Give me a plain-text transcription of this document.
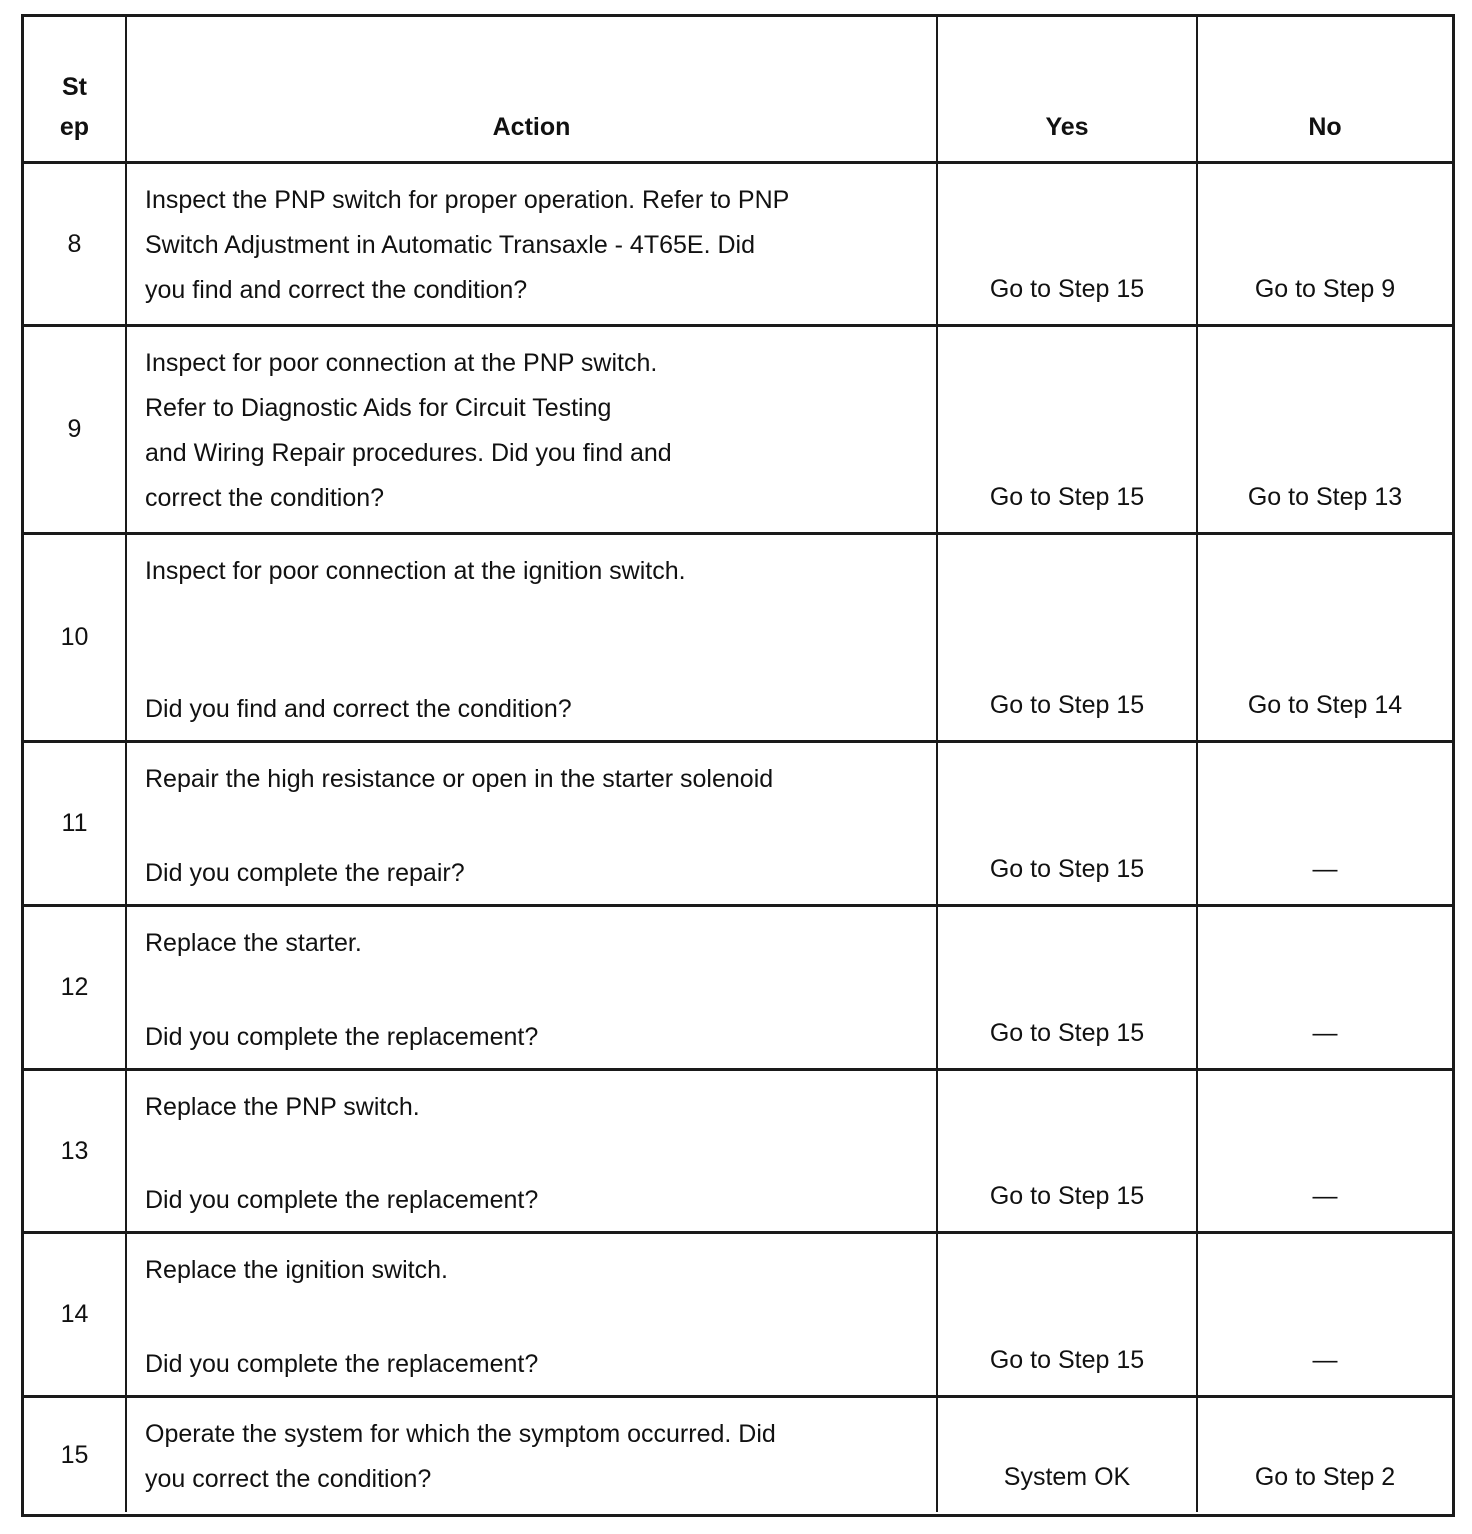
St
ep	Action	Yes	No
8
Inspect the PNP switch for proper operation. Refer to PNP
Switch Adjustment in Automatic Transaxle - 4T65E. Did
you find and correct the condition?	Go to Step 15	Go to Step 9
9
Inspect for poor connection at the PNP switch.
Refer to Diagnostic Aids for Circuit Testing
and Wiring Repair procedures. Did you find and
correct the condition?	Go to Step 15	Go to Step 13
10
Inspect for poor connection at the ignition switch.
Did you find and correct the condition?	Go to Step 15	Go to Step 14
11
Repair the high resistance or open in the starter solenoid
Did you complete the repair?	Go to Step 15	—
12
Replace the starter.
Did you complete the replacement?	Go to Step 15	—
13
Replace the PNP switch.
Did you complete the replacement?	Go to Step 15	—
14
Replace the ignition switch.
Did you complete the replacement?	Go to Step 15	—
15
Operate the system for which the symptom occurred. Did
you correct the condition?	System OK	Go to Step 2
